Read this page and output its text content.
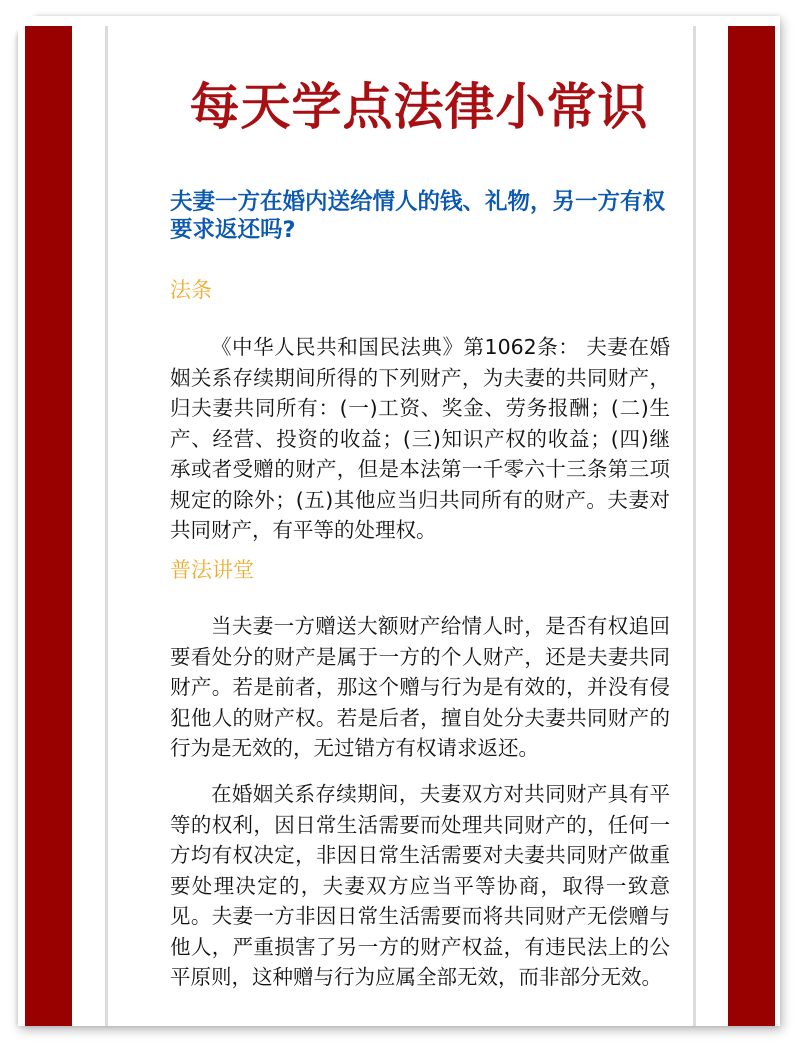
每天学点法律小常识
夫妻一方在婚内送给情人的钱、礼物，另一方有权要求返还吗?
法条
《中华人民共和国民法典》第1062条： 夫妻在婚姻关系存续期间所得的下列财产，为夫妻的共同财产，归夫妻共同所有：(一)工资、奖金、劳务报酬；(二)生产、经营、投资的收益；(三)知识产权的收益；(四)继承或者受赠的财产，但是本法第一千零六十三条第三项规定的除外；(五)其他应当归共同所有的财产。夫妻对共同财产，有平等的处理权。
普法讲堂
当夫妻一方赠送大额财产给情人时，是否有权追回要看处分的财产是属于一方的个人财产，还是夫妻共同财产。若是前者，那这个赠与行为是有效的，并没有侵犯他人的财产权。若是后者，擅自处分夫妻共同财产的行为是无效的，无过错方有权请求返还。
在婚姻关系存续期间，夫妻双方对共同财产具有平等的权利，因日常生活需要而处理共同财产的，任何一方均有权决定，非因日常生活需要对夫妻共同财产做重要处理决定的，夫妻双方应当平等协商，取得一致意见。夫妻一方非因日常生活需要而将共同财产无偿赠与他人，严重损害了另一方的财产权益，有违民法上的公平原则，这种赠与行为应属全部无效，而非部分无效。
